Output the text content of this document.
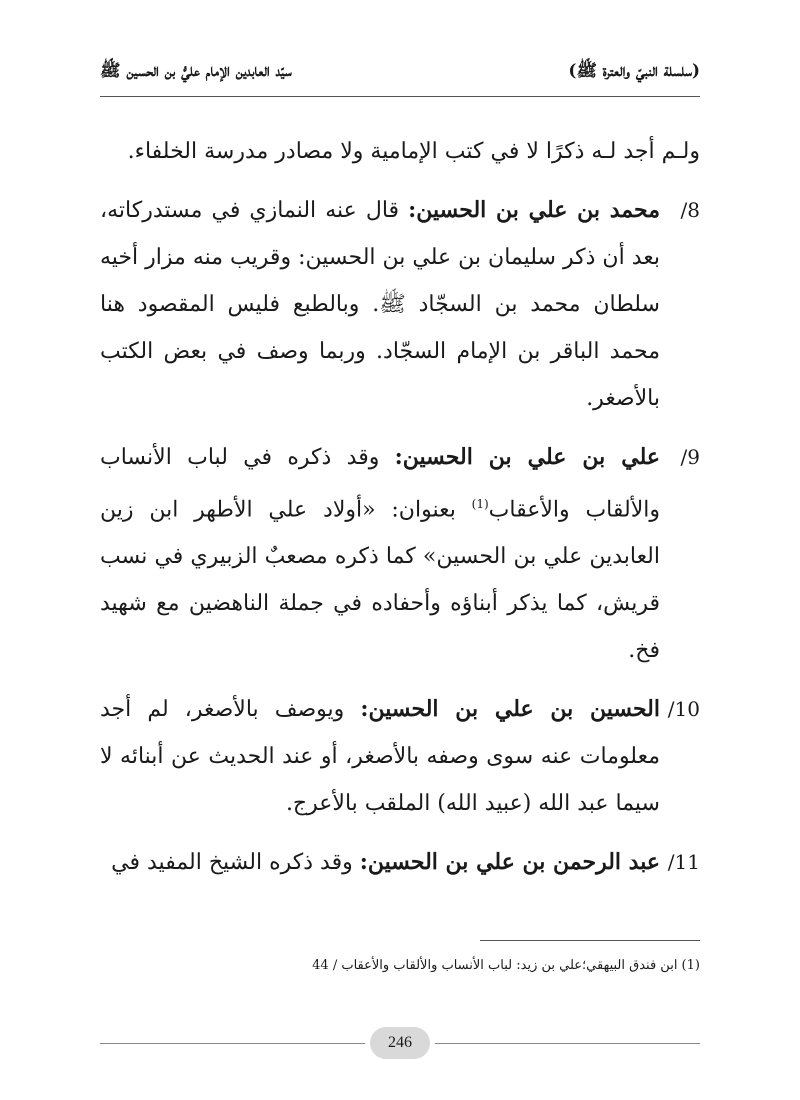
(سلسلة النبيّ والعترة ﷺ)
سيّد العابدين الإمام عليُّ بن الحسين ﷺ

ولـم أجد لـه ذكرًا لا في كتب الإمامية ولا مصادر مدرسة الخلفاء.

8/
محمد بن علي بن الحسين: قال عنه النمازي في مستدركاته، بعد أن ذكر سليمان بن علي بن الحسين: وقريب منه مزار أخيه سلطان محمد بن السجّاد ﷺ. وبالطبع فليس المقصود هنا محمد الباقر بن الإمام السجّاد. وربما وصف في بعض الكتب بالأصغر.
9/
علي بن علي بن الحسين: وقد ذكره في لباب الأنساب والألقاب والأعقاب$^{(1)}$ بعنوان: «أولاد علي الأطهر ابن زين العابدين علي بن الحسين» كما ذكره مصعبٌ الزبيري في نسب قريش، كما يذكر أبناؤه وأحفاده في جملة الناهضين مع شهيد فخ.
10/
الحسين بن علي بن الحسين: ويوصف بالأصغر، لم أجد معلومات عنه سوى وصفه بالأصغر، أو عند الحديث عن أبنائه لا سيما عبد الله (عبيد الله) الملقب بالأعرج.
11/
عبد الرحمن بن علي بن الحسين: وقد ذكره الشيخ المفيد في
(1) ابن فندق البيهقي؛علي بن زيد: لباب الأنساب والألقاب والأعقاب / 44
246
